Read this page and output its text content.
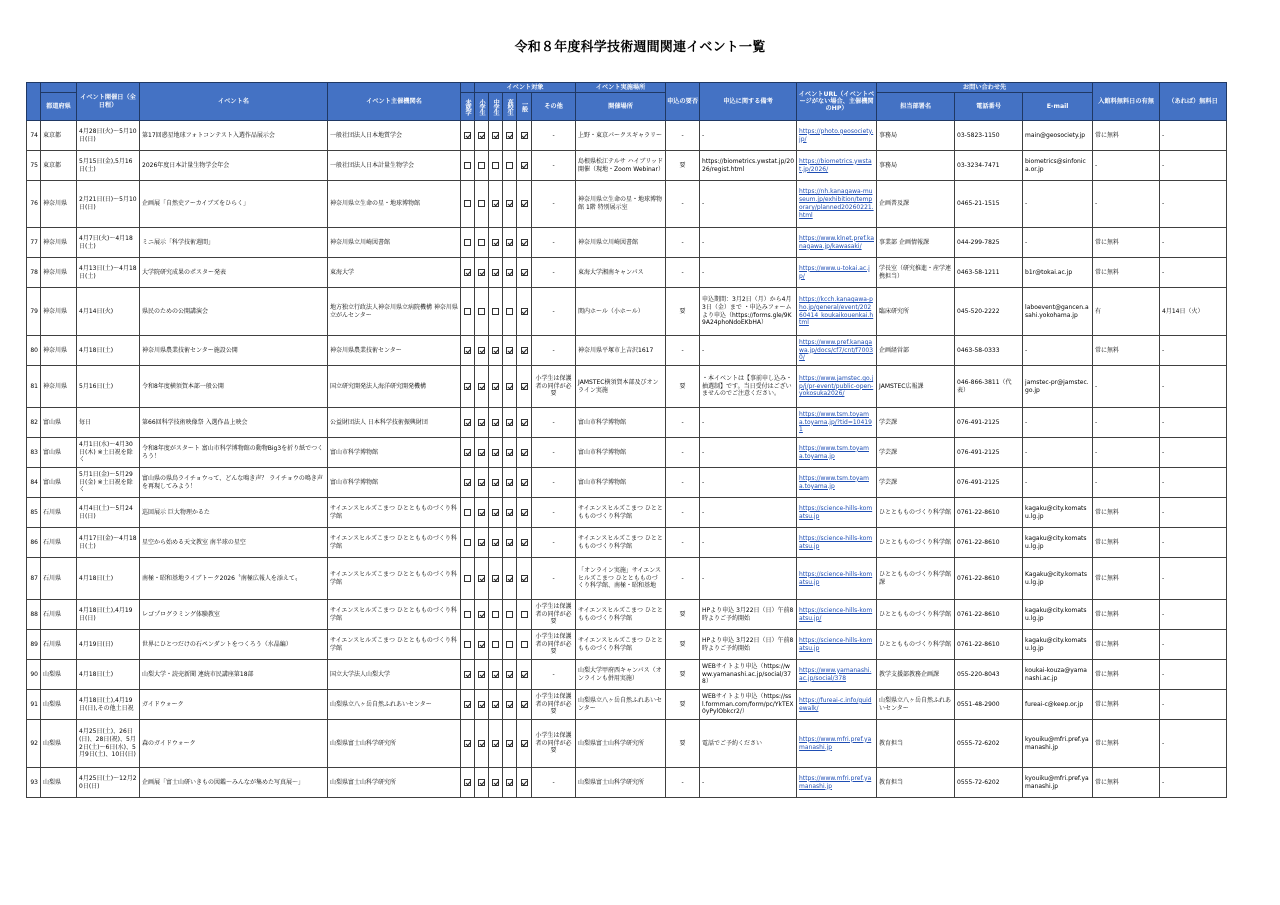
令和８年度科学技術週間関連イベント一覧
		イベント開催日（全日程）	イベント名	イベント主催機関名		イベント対象					イベント実施場所	申込の要否	申込に関する備考	イベントURL（イベントページがない場合、主催機関のHP）	お問い合わせ先			入館料無料日の有無	（あれば）無料日
	都道府県				未就学	小学生	中学生	高校生	一般	その他	開催場所				担当部署名	電話番号	E-mail		
74	東京都	4月28日(火)～5月10日(日)	第17回惑星地球フォトコンテスト入選作品展示会	一般社団法人日本地質学会						-	上野・東京パークスギャラリー	-	-	https://photo.geosociety.jp/	事務局	03-5823-1150	main@geosociety.jp	常に無料	-
75	東京都	5月15日(金),5月16日(土)	2026年度日本計量生物学会年会	一般社団法人日本計量生物学会						-	島根県松江テルサ ハイブリッド開催（現地・Zoom Webinar）	要	https://biometrics.ywstat.jp/2026/regist.html	https://biometrics.ywstat.jp/2026/	事務局	03-3234-7471	biometrics@sinfonica.or.jp	-	-
76	神奈川県	2月21日(日)～5月10日(日)	企画展「自然史アーカイブズをひらく」	神奈川県立生命の星・地球博物館						-	神奈川県立生命の星・地球博物館 1階 特別展示室	-	-	https://nh.kanagawa-museum.jp/exhibition/temporary/planned20260221.html	企画普及課	0465-21-1515	-	-	-
77	神奈川県	4月7日(火)～4月18日(土)	ミニ展示「科学技術週間」	神奈川県立川崎図書館						-	神奈川県立川崎図書館	-	-	https://www.klnet.pref.kanagawa.jp/kawasaki/	事業部 企画情報課	044-299-7825	-	常に無料	-
78	神奈川県	4月13日(土)～4月18日(土)	大学院研究成果のポスター発表	東海大学						-	東海大学湘南キャンパス	-	-	https://www.u-tokai.ac.jp/	学長室（研究推進・産学連携担当）	0463-58-1211	b1r@tokai.ac.jp	常に無料	-
79	神奈川県	4月14日(火)	県民のための公開講演会	地方独立行政法人神奈川県立病院機構 神奈川県立がんセンター						-	関内ホール（小ホール）	要	申込期間：3月2日（月）から4月3日（金）まで ・申込みフォームより申込（https://forms.gle/9K9A24phoNdoEKbHA）	https://kcch.kanagawa-pho.jp/general/event/20260414_koukaikouenkai.html	臨床研究所	045-520-2222	laboevent@gancen.asahi.yokohama.jp	有	4月14日（火）
80	神奈川県	4月18日(土)	神奈川県農業技術センター施設公開	神奈川県農業技術センター						-	神奈川県平塚市上吉沢1617	-	-	https://www.pref.kanagawa.jp/docs/cf7/cnt/f70030/	企画経営部	0463-58-0333	-	常に無料	-
81	神奈川県	5月16日(土)	令和8年度横須賀本部一般公開	国立研究開発法人海洋研究開発機構						小学生は保護者の同伴が必要	JAMSTEC横須賀本部及びオンライン実施	要	・本イベントは【事前申し込み・抽選制】です。当日受付はございませんのでご注意ください。	https://www.jamstec.go.jp/j/pr-event/public-open-yokosuka2026/	JAMSTEC広報課	046-866-3811（代表）	jamstec-pr@jamstec.go.jp	-	-
82	富山県	毎日	第66回科学技術映像祭 入選作品上映会	公益財団法人 日本科学技術振興財団						-	富山市科学博物館	-	-	https://www.tsm.toyama.toyama.jp/?tid=104191	学芸課	076-491-2125	-	-	-
83	富山県	4月1日(水)～4月30日(木) ※土日祝を除く	令和8年度がスタート 富山市科学博物館の動物Big3を折り紙でつくろう！	富山市科学博物館						-	富山市科学博物館	-	-	https://www.tsm.toyama.toyama.jp	学芸課	076-491-2125	-	-	-
84	富山県	5月1日(金)～5月29日(金) ※土日祝を除く	富山県の県鳥ライチョウって、どんな鳴き声？ ライチョウの鳴き声を再現してみよう！	富山市科学博物館						-	富山市科学博物館	-	-	https://www.tsm.toyama.toyama.jp	学芸課	076-491-2125	-	-	-
85	石川県	4月4日(土)～5月24日(日)	巡回展示 巨大物理かるた	サイエンスヒルズこまつ ひとともものづくり科学館						-	サイエンスヒルズこまつ ひとともものづくり科学館	-	-	https://science-hills-komatsu.jp	ひとともものづくり科学館	0761-22-8610	kagaku@city.komatsu.lg.jp	常に無料	-
86	石川県	4月17日(金)～4月18日(土)	星空から始める天文教室 南半球の星空	サイエンスヒルズこまつ ひとともものづくり科学館						-	サイエンスヒルズこまつ ひとともものづくり科学館	-	-	https://science-hills-komatsu.jp	ひとともものづくり科学館	0761-22-8610	kagaku@city.komatsu.lg.jp	常に無料	-
87	石川県	4月18日(土)	南極・昭和基地ライブトーク2026〝南極広報人を添えて〟	サイエンスヒルズこまつ ひとともものづくり科学館						-	「オンライン実施」サイエンスヒルズこまつ ひとともものづくり科学館、南極・昭和基地	-	-	https://science-hills-komatsu.jp	ひとともものづくり科学館課	0761-22-8610	Kagaku@city.komatsu.lg.jp	常に無料	-
88	石川県	4月18日(土),4月19日(日)	レゴプログラミング体験教室	サイエンスヒルズこまつ ひとともものづくり科学館						小学生は保護者の同伴が必要	サイエンスヒルズこまつ ひとともものづくり科学館	要	HPより申込 3月22日（日）午前8時よりご予約開始	https://science-hills-komatsu.jp/	ひとともものづくり科学館	0761-22-8610	kagaku@city.komatsu.lg.jp	常に無料	-
89	石川県	4月19日(日)	世界にひとつだけの石ペンダントをつくろう（水晶編）	サイエンスヒルズこまつ ひとともものづくり科学館						小学生は保護者の同伴が必要	サイエンスヒルズこまつ ひとともものづくり科学館	要	HPより申込 3月22日（日）午前8時よりご予約開始	https://science-hills-komatsu.jp	ひとともものづくり科学館	0761-22-8610	kagaku@city.komatsu.lg.jp	常に無料	-
90	山梨県	4月18日(土)	山梨大学・読売新聞 連続市民講座第18部	国立大学法人山梨大学						-	山梨大学甲府西キャンパス（オンラインも併用実施）	要	WEBサイトより申込（https://www.yamanashi.ac.jp/social/378）	https://www.yamanashi.ac.jp/social/378	教学支援部教務企画課	055-220-8043	koukai-kouza@yamanashi.ac.jp	常に無料	-
91	山梨県	4月18日(土),4月19日(日),その他土日祝	ガイドウォーク	山梨県立八ヶ岳自然ふれあいセンター						小学生は保護者の同伴が必要	山梨県立八ヶ岳自然ふれあいセンター	要	WEBサイトより申込（https://ssl.formman.com/form/pc/YkTEX0yPylObkcr2/）	https://fureai-c.info/guidewalk/	山梨県立八ヶ岳自然ふれあいセンター	0551-48-2900	fureai-c@keep.or.jp	常に無料	-
92	山梨県	4月25日(土)、26日(日)、28日(祝)、5月2日(土)～6日(水)、5月9日(土)、10日(日)	森のガイドウォーク	山梨県富士山科学研究所						小学生は保護者の同伴が必要	山梨県富士山科学研究所	要	電話でご予約ください	https://www.mfri.pref.yamanashi.jp	教育担当	0555-72-6202	kyouiku@mfri.pref.yamanashi.jp	常に無料	-
93	山梨県	4月25日(土)～12月20日(日)	企画展「富士山研いきもの図鑑～みんなが集めた写真展～」	山梨県富士山科学研究所						-	山梨県富士山科学研究所	-	-	https://www.mfri.pref.yamanashi.jp	教育担当	0555-72-6202	kyouiku@mfri.pref.yamanashi.jp	常に無料	-
